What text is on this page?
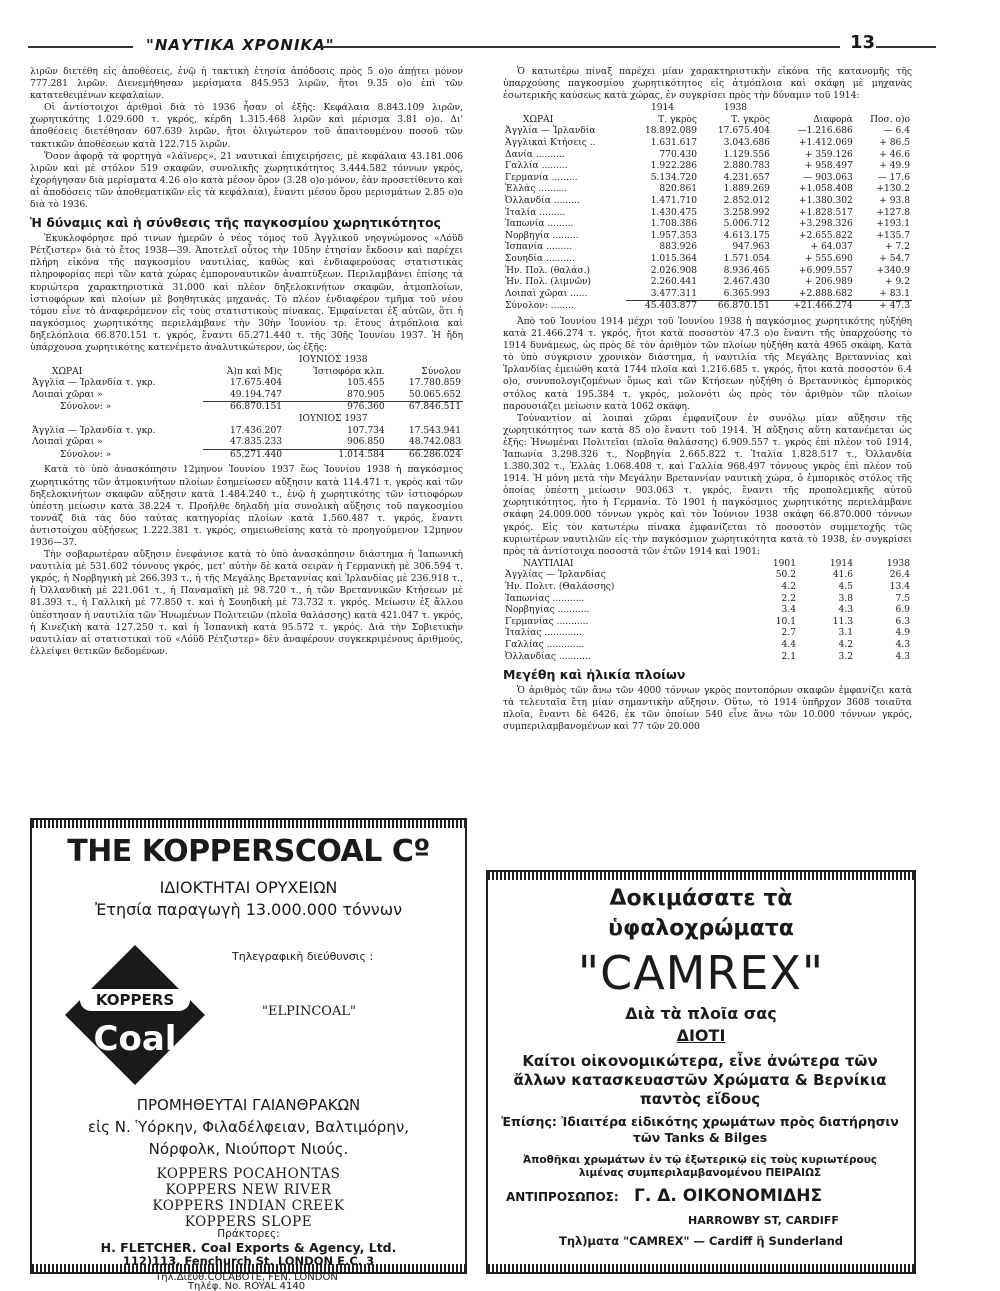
"ΝΑΥΤΙΚΑ ΧΡΟΝΙΚΑ"	13

λιρῶν διετέθη εἰς ἀποθέσεις, ἐνῷ ἡ τακτικὴ ἐτησία ἀπόδοσις πρὸς 5 ο)ο ἀπῄτει μόνον 777.281 λιρῶν. Διενεμήθησαν μερίσματα 845.953 λιρῶν, ἤτοι 9.35 ο)ο ἐπὶ τῶν κατατεθειμένων κεφαλαίων.

Οἱ ἀντίστοιχοι ἀριθμοὶ διὰ τὸ 1936 ἦσαν οἱ ἑξῆς: Κεφάλαια 8.843.109 λιρῶν, χωρητικότης 1.029.600 τ. γκρός, κέρδη 1.315.468 λιρῶν καὶ μέρισμα 3.81 ο)ο. Δι' ἀποθέσεις διετέθησαν 607.639 λιρῶν, ἤτοι ὀλιγώτερον τοῦ ἀπαιτουμένου ποσοῦ τῶν τακτικῶν ἀποθέσεων κατὰ 122.715 λιρῶν.

Ὅσον ἀφορᾷ τὰ φορτηγὰ «λάϊνερς», 21 ναυτικαὶ ἐπιχειρήσεις, μὲ κεφάλαια 43.181.006 λιρῶν καὶ μὲ στόλον 519 σκαφῶν, συνολικῆς χωρητικότητος 3.444.582 τόννων γκρός, ἐχορήγησαν διὰ μερίσματα 4.26 ο)ο κατὰ μέσον ὅρον (3.28 ο)ο μόνον, ἐὰν προσετίθεντο καὶ αἱ ἀποδόσεις τῶν ἀποθεματικῶν εἰς τὰ κεφάλαια), ἔναντι μέσου ὅρου μερισμάτων 2.85 ο)ο διὰ τὸ 1936.

Ἡ δύναμις καὶ ἡ σύνθεσις τῆς παγκοσμίου χωρητικότητος

Ἐκυκλοφόρησε πρό τινων ἡμερῶν ὁ νέος τόμος τοῦ Ἀγγλικοῦ νηογνώμονος «Λόϋδ Ρέτζιστερ» διὰ τὸ ἔτος 1938—39. Ἀποτελεῖ οὗτος τὴν 105ην ἐτησίαν ἔκδοσιν καὶ παρέχει πλήρη εἰκόνα τῆς παγκοσμίου ναυτιλίας, καθὼς καὶ ἐνδιαφερούσας στατιστικὰς πληροφορίας περὶ τῶν κατὰ χώρας ἐμπορoναυτικῶν ἀναπτύξεων. Περιλαμβάνει ἐπίσης τὰ κυριώτερα χαρακτηριστικὰ 31.000 καὶ πλέον δηξελοκινήτων σκαφῶν, ἀτμοπλοίων, ἱστιοφόρων καὶ πλοίων μὲ βοηθητικὰς μηχανάς. Τὸ πλέον ἐνδιαφέρον τμῆμα τοῦ νέου τόμου εἶνε τὸ ἀναφερόμενον εἰς τοὺς στατιστικοὺς πίνακας. Ἐμφαίνεται ἐξ αὐτῶν, ὅτι ἡ παγκόσμιος χωρητικότης περιελάμβανε τὴν 30ὴν Ἰουνίου τρ. ἔτους ἀτμόπλοια καὶ δηξελόπλοια 66.870.151 τ. γκρός, ἔναντι 65.271.440 τ. τῆς 30ῆς Ἰουνίου 1937. Ἡ ἤδη ὑπάρχουσα χωρητικότης κατενέμετο ἀναλυτικώτερον, ὡς ἑξῆς:

	ΙΟΥΝΙΟΣ 1938		
ΧΩΡΑΙ	Ἀ)π καὶ Μ)ς	Ἱστιοφόρα κλπ.	Σύνολον
Ἀγγλία — Ἰρλανδία τ. γκρ.	17.675.404	105.455	17.780.859
Λοιπαὶ χῶραι »	49.194.747	870.905	50.065.652
Σύνολον: »	66.870.151	976.360	67.846.511
	ΙΟΥΝΙΟΣ 1937		
Ἀγγλία — Ἰρλανδία τ. γκρ.	17.436.207	107.734	17.543.941
Λοιπαὶ χῶραι »	47.835.233	906.850	48.742.083
Σύνολον: »	65.271.440	1.014.584	66.286.024

Κατὰ τὸ ὑπὸ ἀνασκόπησιν 12μηνον Ἰουνίου 1937 ἕως Ἰουνίου 1938 ἡ παγκόσμιος χωρητικότης τῶν ἀτμοκινήτων πλοίων ἐσημείωσεν αὔξησιν κατὰ 114.471 τ. γκρὸς καὶ τῶν δηξελοκινήτων σκαφῶν αὔξησιν κατὰ 1.484.240 τ., ἐνῷ ἡ χωρητικότης τῶν ἱστιοφόρων ὑπέστη μείωσιν κατὰ 38.224 τ. Προῆλθε δηλαδὴ μία συνολικὴ αὔξησις τοῦ παγκοσμίου τοννάζ διὰ τὰς δύο ταύτας κατηγορίας πλοίων κατὰ 1.560.487 τ. γκρός, ἔναντι ἀντιστοίχου αὐξήσεως 1.222.381 τ. γκρός, σημειωθείσης κατὰ τὸ προηγούμενον 12μηνον 1936—37.

Τὴν σοβαρωτέραν αὔξησιν ἐνεφάνισε κατὰ τὸ ὑπὸ ἀνασκόπησιν διάστημα ἡ Ἰαπωνικὴ ναυτιλία μὲ 531.602 τόννους γκρός, μετ' αὐτὴν δὲ κατὰ σειρὰν ἡ Γερμανικὴ μὲ 306.594 τ. γκρός, ἡ Νορβηγικὴ μὲ 266.393 τ., ἡ τῆς Μεγάλης Βρεταννίας καὶ Ἰρλανδίας μὲ 236.918 τ., ἡ Ὀλλανδικὴ μὲ 221.061 τ., ἡ Παναμαϊκὴ μὲ 98.720 τ., ἡ τῶν Βρεταννικῶν Κτήσεων μὲ 81.393 τ., ἡ Γαλλικὴ μὲ 77.850 τ. καὶ ἡ Σουηδικὴ μὲ 73.732 τ. γκρός. Μείωσιν ἐξ ἄλλου ὑπέστησαν ἡ ναυτιλία τῶν Ἡνωμένων Πολιτειῶν (πλοῖα θαλάσσης) κατὰ 421.047 τ. γκρός, ἡ Κινεζικὴ κατὰ 127.250 τ. καὶ ἡ Ἱσπανικὴ κατὰ 95.572 τ. γκρός. Διὰ τὴν Σοβιετικὴν ναυτιλίαν αἱ στατιστικαὶ τοῦ «Λόϋδ Ρέτζιστερ» δὲν ἀναφέρουν συγκεκριμένους ἀριθμούς, ἐλλείψει θετικῶν δεδομένων.

Ὁ κατωτέρω πίναξ παρέχει μίαν χαρακτηριστικὴν εἰκόνα τῆς κατανομῆς τῆς ὑπαρχούσης παγκοσμίου χωρητικότητος εἰς ἀτμόπλοια καὶ σκάφη μὲ μηχανὰς ἐσωτερικῆς καύσεως κατὰ χώρας, ἐν συγκρίσει πρὸς τὴν δύναμιν τοῦ 1914:

	1914	1938		
ΧΩΡΑΙ	Τ. γκρὸς	Τ. γκρὸς	Διαφορὰ	Ποσ. ο)ο
Ἀγγλία — Ἰρλανδία	18.892.089	17.675.404	—1.216.686	— 6.4
Ἀγγλικαὶ Κτήσεις ..	1.631.617	3.043.686	+1.412.069	+ 86.5
Δανία ..........	770.430	1.129.556	+ 359.126	+ 46.6
Γαλλία .........	1.922.286	2.880.783	+ 958.497	+ 49.9
Γερμανία .........	5.134.720	4.231.657	— 903.063	— 17.6
Ἑλλὰς ..........	820.861	1.889.269	+1.058.408	+130.2
Ὀλλανδία .........	1.471.710	2.852.012	+1.380.302	+ 93.8
Ἰταλία .........	1.430.475	3.258.992	+1.828.517	+127.8
Ἰαπωνία .........	1.708.386	5.006.712	+3.298.326	+193.1
Νορβηγία .........	1.957.353	4.613.175	+2.655.822	+135.7
Ἱσπανία .........	883.926	947.963	+ 64.037	+ 7.2
Σουηδία ..........	1.015.364	1.571.054	+ 555.690	+ 54.7
Ἡν. Πολ. (θαλάσ.)	2.026.908	8.936.465	+6.909.557	+340.9
Ἡν. Πολ. (λιμνῶν)	2.260.441	2.467.430	+ 206.989	+ 9.2
Λοιπαὶ χῶραι ......	3.477.311	6.365.993	+2.888.682	+ 83.1
Σύνολον: ........	45.403.877	66.870.151	+21.466.274	+ 47.3

Ἀπὸ τοῦ Ἰουνίου 1914 μέχρι τοῦ Ἰουνίου 1938 ἡ παγκόσμιος χωρητικότης ηὐξήθη κατὰ 21.466.274 τ. γκρός, ἤτοι κατὰ ποσοστὸν 47.3 ο)ο ἔναντι τῆς ὑπαρχούσης τὸ 1914 δυνάμεως, ὡς πρὸς δὲ τὸν ἀριθμὸν τῶν πλοίων ηὐξήθη κατὰ 4965 σκάφη. Κατὰ τὸ ὑπὸ σύγκρισιν χρονικὸν διάστημα, ἡ ναυτιλία τῆς Μεγάλης Βρεταννίας καὶ Ἰρλανδίας ἐμειώθη κατὰ 1744 πλοῖα καὶ 1.216.685 τ. γκρός, ἤτοι κατὰ ποσοστὸν 6.4 ο)ο, συνυπολογιζομένων ὅμως καὶ τῶν Κτήσεων ηὐξήθη ὁ Βρεταννικὸς ἐμπορικὸς στόλος κατὰ 195.384 τ. γκρός, μολονότι ὡς πρὸς τὸν ἀριθμὸν τῶν πλοίων παρουσιάζει μείωσιν κατὰ 1062 σκάφη.

Τοὐναντίον αἱ λοιπαὶ χῶραι ἐμφανίζουν ἐν συνόλῳ μίαν αὔξησιν τῆς χωρητικότητος των κατὰ 85 ο)ο ἔναντι τοῦ 1914. Ἡ αὔξησις αὕτη κατανέμεται ὡς ἑξῆς: Ἡνωμέναι Πολιτεῖαι (πλοῖα θαλάσσης) 6.909.557 τ. γκρὸς ἐπὶ πλέον τοῦ 1914, Ἰαπωνία 3.298.326 τ., Νορβηγία 2.665.822 τ. Ἰταλία 1.828.517 τ., Ὀλλανδία 1.380.302 τ., Ἑλλὰς 1.068.408 τ. καὶ Γαλλία 968.497 τόννους γκρὸς ἐπὶ πλέον τοῦ 1914. Ἡ μόνη μετὰ τὴν Μεγάλην Βρεταννίαν ναυτικὴ χώρα, ὁ ἐμπορικὸς στόλος τῆς ὁποίας ὑπέστη μείωσιν 903.063 τ. γκρός, ἔναντι τῆς προπολεμικῆς αὐτοῦ χωρητικότητος, ἦτο ἡ Γερμανία. Τὸ 1901 ἡ παγκόσμιος χωρητικότης περιελάμβανε σκάφη 24.009.000 τόννων γκρὸς καὶ τὸν Ἰούνιον 1938 σκάφη 66.870.000 τόννων γκρός. Εἰς τὸν κατωτέρω πίνακα ἐμφανίζεται τὸ ποσοστὸν συμμετοχῆς τῶς κυριωτέρων ναυτιλιῶν εἰς τὴν παγκόσμιον χωρητικότητα κατὰ τὸ 1938, ἐν συγκρίσει πρὸς τὰ ἀντίστοιχα ποσοστὰ τῶν ἐτῶν 1914 καὶ 1901:

ΝΑΥΤΙΛΙΑΙ	1901	1914	1938
Ἀγγλίας — Ἰρλανδίας	50.2	41.6	26.4
Ἡν. Πολιτ. (Θαλάσσης)	4.2	4.5	13.4
Ἰαπωνίας ...........	2.2	3.8	7.5
Νορβηγίας ...........	3.4	4.3	6.9
Γερμανίας ...........	10.1	11.3	6.3
Ἰταλίας .............	2.7	3.1	4.9
Γαλλίας .............	4.4	4.2	4.3
Ὀλλανδίας ...........	2.1	3.2	4.3
Μεγέθη καὶ ἡλικία πλοίων

Ὁ ἀριθμὸς τῶν ἄνω τῶν 4000 τόννων γκρὸς ποντοπόρων σκαφῶν ἐμφανίζει κατὰ τὰ τελευταῖα ἔτη μίαν σημαντικὴν αὔξησιν. Οὕτω, τὸ 1914 ὑπῆρχον 3608 τοιαῦτα πλοῖα, ἔναντι δὲ 6426, ἐκ τῶν ὁποίων 540 εἶνε ἄνω τῶν 10.000 τόννων γκρός, συμπεριλαμβανομένων καὶ 77 τῶν 20.000

THE KOPPERSCOAL Cº
ΙΔΙΟΚΤΗΤΑΙ ΟΡΥΧΕΙΩΝ
Ἐτησία παραγωγὴ 13.000.000 τόννων
KOPPERS
Coal
Τηλεγραφικὴ διεύθυνσις :
"ELPINCOAL"
ΠΡΟΜΗΘΕΥΤΑΙ ΓΑΙΑΝΘΡΑΚΩΝ
εἰς Ν. Ὑόρκην, Φιλαδέλφειαν, Βαλτιμόρην,
Νόρφολκ, Νιούπορτ Νιούς.
KOPPERS POCAHONTAS
KOPPERS NEW RIVER
KOPPERS INDIAN CREEK
KOPPERS SLOPE
Πράκτορες:
H. FLETCHER. Coal Exports & Agency, Ltd.
112)113, Fenchurch St. LONDON E.C. 3
Τηλ.Διευθ.COLABOTE, FEN. LONDON
Τηλέφ. No. ROYAL 4140
Δοκιμάσατε τὰ
ὑφαλοχρώματα
"CAMREX"
Διὰ τὰ πλοῖα σας
ΔΙΟΤΙ
Καίτοι οἰκονομικώτερα, εἶνε ἀνώτερα τῶν ἄλλων κατασκευαστῶν Χρώματα & Βερνίκια παντὸς εἴδους
Ἐπίσης: Ἰδιαιτέρα εἰδικότης χρωμάτων πρὸς διατήρησιν τῶν Tanks & Bilges
Ἀποθῆκαι χρωμάτων ἐν τῷ ἐξωτερικῷ εἰς τοὺς κυριωτέρους λιμένας συμπεριλαμβανομένου ΠΕΙΡΑΙΩΣ
ΑΝΤΙΠΡΟΣΩΠΟΣ: Γ. Δ. ΟΙΚΟΝΟΜΙΔΗΣ
HARROWBY ST, CARDIFF
Τηλ)ματα "CAMREX" — Cardiff ἢ Sunderland
